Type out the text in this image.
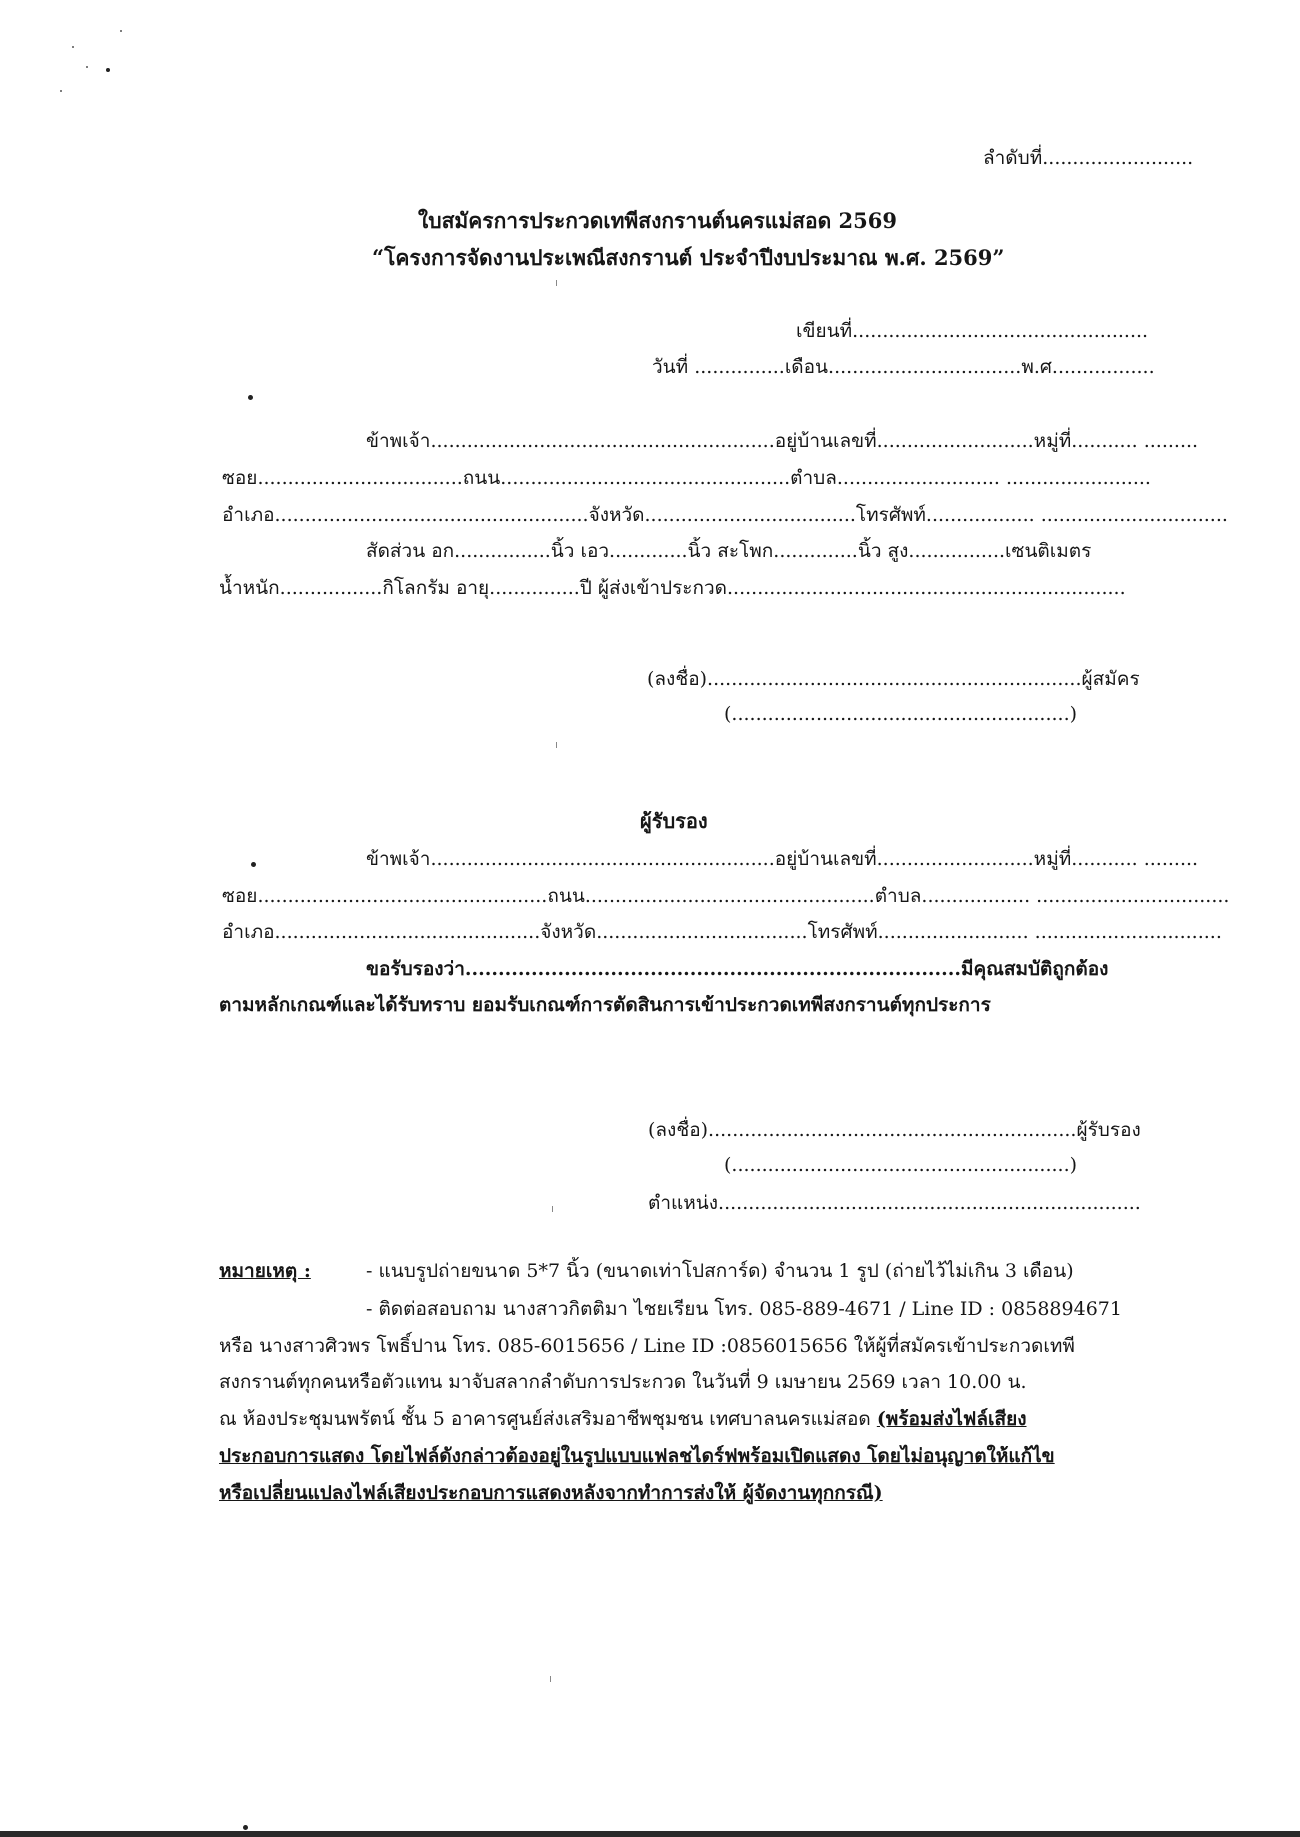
ลำดับที่.........................
ใบสมัครการประกวดเทพีสงกรานต์นครแม่สอด 2569
“โครงการจัดงานประเพณีสงกรานต์ ประจำปีงบประมาณ พ.ศ. 2569”
เขียนที่.................................................
วันที่ ...............เดือน................................พ.ศ.................
ข้าพเจ้า.........................................................อยู่บ้านเลขที่..........................หมู่ที่........... .........
ซอย..................................ถนน................................................ตำบล........................... ........................
อำเภอ....................................................จังหวัด...................................โทรศัพท์.................. ...............................
สัดส่วน อก................นิ้ว เอว.............นิ้ว สะโพก..............นิ้ว สูง................เซนติเมตร
น้ำหนัก.................กิโลกรัม อายุ...............ปี ผู้ส่งเข้าประกวด..................................................................
(ลงชื่อ)..............................................................ผู้สมัคร
(........................................................)
ผู้รับรอง
ข้าพเจ้า.........................................................อยู่บ้านเลขที่..........................หมู่ที่........... .........
ซอย................................................ถนน................................................ตำบล.................. ................................
อำเภอ............................................จังหวัด...................................โทรศัพท์......................... ...............................
ขอรับรองว่า...........................................................................มีคุณสมบัติถูกต้อง
ตามหลักเกณฑ์และได้รับทราบ ยอมรับเกณฑ์การตัดสินการเข้าประกวดเทพีสงกรานต์ทุกประการ
(ลงชื่อ).............................................................ผู้รับรอง
(........................................................)
ตำแหน่ง......................................................................
หมายเหตุ :	- แนบรูปถ่ายขนาด 5*7 นิ้ว (ขนาดเท่าโปสการ์ด) จำนวน 1 รูป (ถ่ายไว้ไม่เกิน 3 เดือน)
- ติดต่อสอบถาม นางสาวกิตติมา ไชยเรียน โทร. 085-889-4671 / Line ID : 0858894671
หรือ นางสาวศิวพร โพธิ์ปาน โทร. 085-6015656 / Line ID :0856015656 ให้ผู้ที่สมัครเข้าประกวดเทพี
สงกรานต์ทุกคนหรือตัวแทน มาจับสลากลำดับการประกวด ในวันที่ 9 เมษายน 2569 เวลา 10.00 น.
ณ ห้องประชุมนพรัตน์ ชั้น 5 อาคารศูนย์ส่งเสริมอาชีพชุมชน เทศบาลนครแม่สอด (พร้อมส่งไฟล์เสียง
ประกอบการแสดง โดยไฟล์ดังกล่าวต้องอยู่ในรูปแบบแฟลชไดร์ฟพร้อมเปิดแสดง โดยไม่อนุญาตให้แก้ไข
หรือเปลี่ยนแปลงไฟล์เสียงประกอบการแสดงหลังจากทำการส่งให้ ผู้จัดงานทุกกรณี)
